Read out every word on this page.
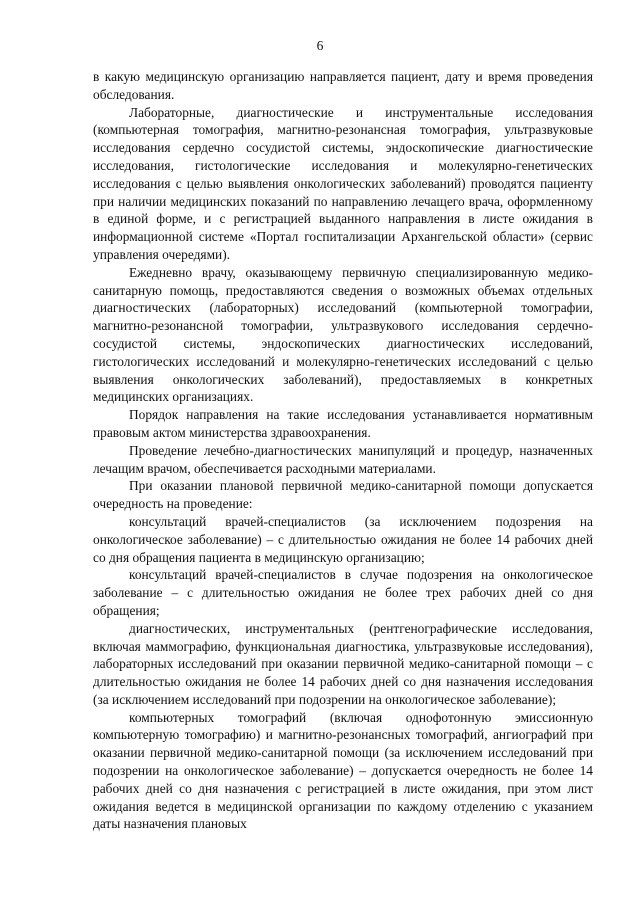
6

в какую медицинскую организацию направляется пациент, дату и время проведения обследования.

Лабораторные, диагностические и инструментальные исследования (компьютерная томография, магнитно-резонансная томография, ультразвуковые исследования сердечно сосудистой системы, эндоскопические диагностические исследования, гистологические исследования и молекулярно-генетических исследования с целью выявления онкологических заболеваний) проводятся пациенту при наличии медицинских показаний по направлению лечащего врача, оформленному в единой форме, и с регистрацией выданного направления в листе ожидания в информационной системе «Портал госпитализации Архангельской области» (сервис управления очередями).

Ежедневно врачу, оказывающему первичную специализированную медико-санитарную помощь, предоставляются сведения о возможных объемах отдельных диагностических (лабораторных) исследований (компьютерной томографии, магнитно-резонансной томографии, ультразвукового исследования сердечно-сосудистой системы, эндоскопических диагностических исследований, гистологических исследований и молекулярно-генетических исследований с целью выявления онкологических заболеваний), предоставляемых в конкретных медицинских организациях.

Порядок направления на такие исследования устанавливается нормативным правовым актом министерства здравоохранения.

Проведение лечебно-диагностических манипуляций и процедур, назначенных лечащим врачом, обеспечивается расходными материалами.

При оказании плановой первичной медико-санитарной помощи допускается очередность на проведение:

консультаций врачей-специалистов (за исключением подозрения на онкологическое заболевание) – с длительностью ожидания не более 14 рабочих дней со дня обращения пациента в медицинскую организацию;

консультаций врачей-специалистов в случае подозрения на онкологическое заболевание – с длительностью ожидания не более трех рабочих дней со дня обращения;

диагностических, инструментальных (рентгенографические исследования, включая маммографию, функциональная диагностика, ультразвуковые исследования), лабораторных исследований при оказании первичной медико-санитарной помощи – с длительностью ожидания не более 14 рабочих дней со дня назначения исследования (за исключением исследований при подозрении на онкологическое заболевание);

компьютерных томографий (включая однофотонную эмиссионную компьютерную томографию) и магнитно-резонансных томографий, ангиографий при оказании первичной медико-санитарной помощи (за исключением исследований при подозрении на онкологическое заболевание) – допускается очередность не более 14 рабочих дней со дня назначения с регистрацией в листе ожидания, при этом лист ожидания ведется в медицинской организации по каждому отделению с указанием даты назначения плановых
